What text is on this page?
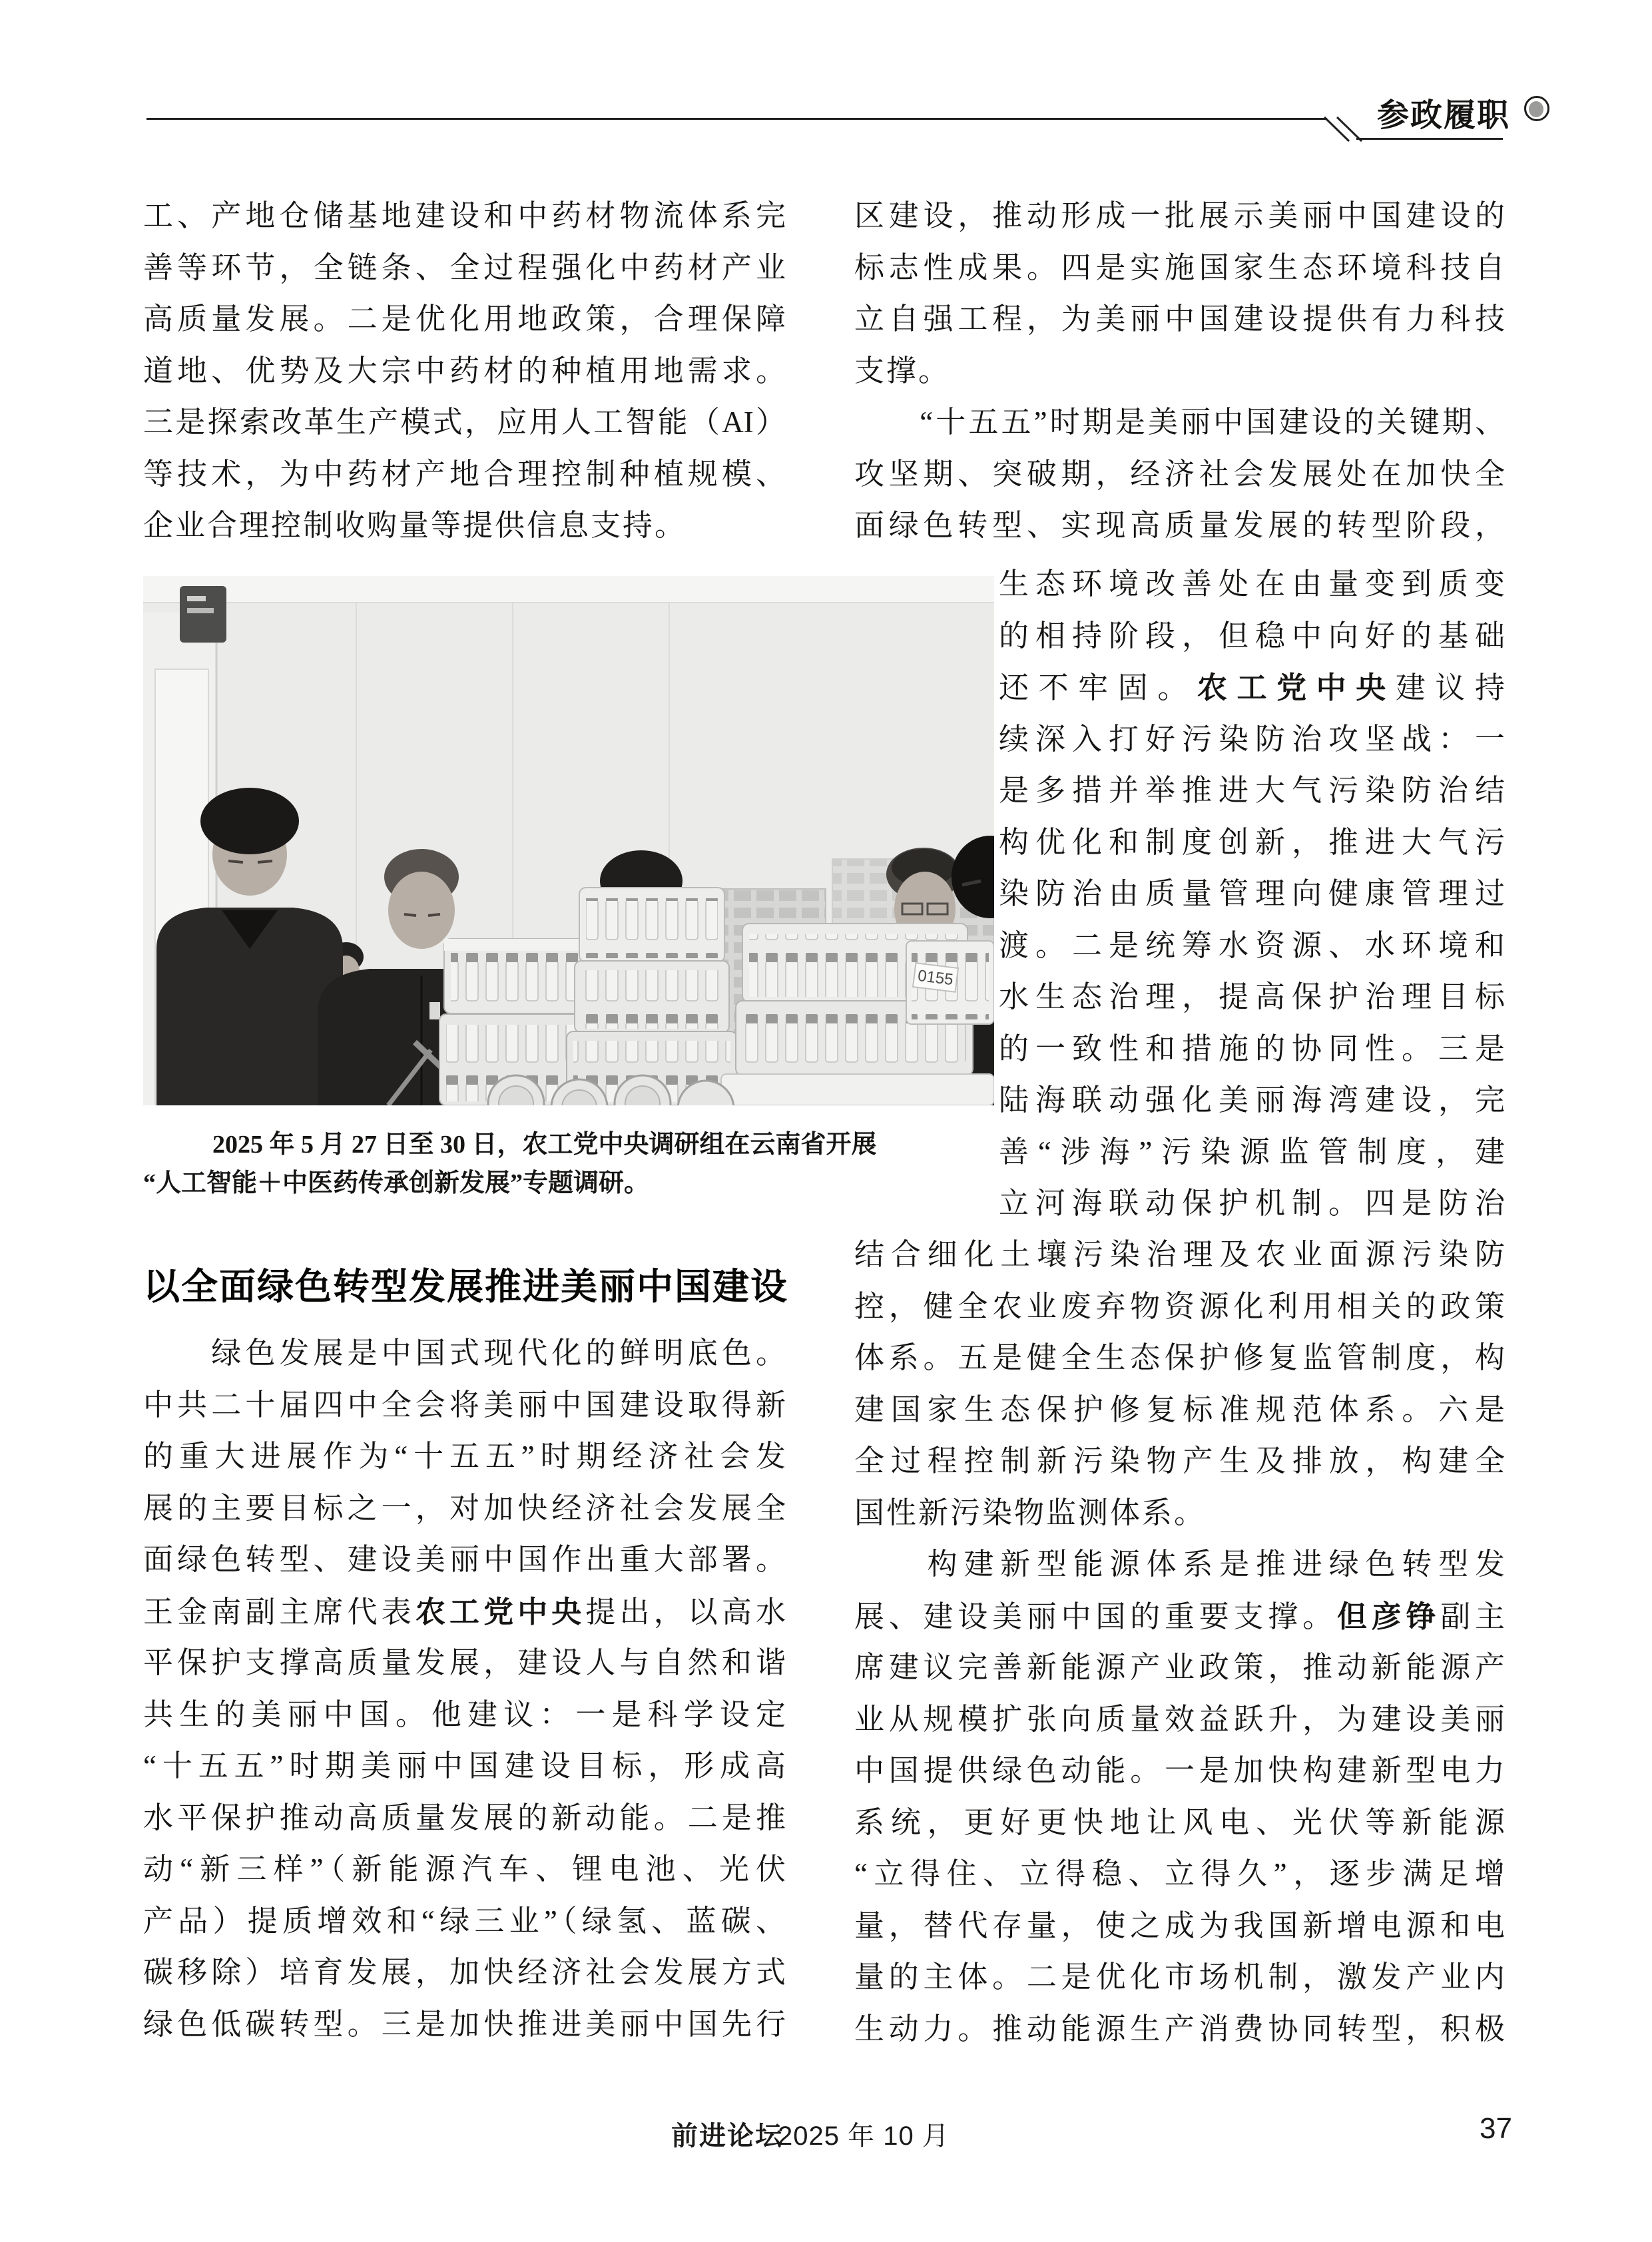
参政履职
工、产地仓储基地建设和中药材物流体系完
善等环节，全链条、全过程强化中药材产业
高质量发展。二是优化用地政策，合理保障
道地、优势及大宗中药材的种植用地需求。
三是探索改革生产模式，应用人工智能（AI）
等技术，为中药材产地合理控制种植规模、
企业合理控制收购量等提供信息支持。
0155
2025 年 5 月 27 日至 30 日，农工党中央调研组在云南省开展
“人工智能＋中医药传承创新发展”专题调研。
以全面绿色转型发展推进美丽中国建设
　　绿色发展是中国式现代化的鲜明底色。
中共二十届四中全会将美丽中国建设取得新
的重大进展作为“十五五”时期经济社会发
展的主要目标之一，对加快经济社会发展全
面绿色转型、建设美丽中国作出重大部署。
王金南副主席代表农工党中央提出，以高水
平保护支撑高质量发展，建设人与自然和谐
共生的美丽中国。他建议：一是科学设定
“十五五”时期美丽中国建设目标，形成高
水平保护推动高质量发展的新动能。二是推
动“新三样”（新能源汽车、锂电池、光伏
产品）提质增效和“绿三业”（绿氢、蓝碳、
碳移除）培育发展，加快经济社会发展方式
绿色低碳转型。三是加快推进美丽中国先行
区建设，推动形成一批展示美丽中国建设的
标志性成果。四是实施国家生态环境科技自
立自强工程，为美丽中国建设提供有力科技
支撑。
　　“十五五”时期是美丽中国建设的关键期、
攻坚期、突破期，经济社会发展处在加快全
面绿色转型、实现高质量发展的转型阶段，
生态环境改善处在由量变到质变
的相持阶段，但稳中向好的基础
还不牢固。农工党中央建议持
续深入打好污染防治攻坚战：一
是多措并举推进大气污染防治结
构优化和制度创新，推进大气污
染防治由质量管理向健康管理过
渡。二是统筹水资源、水环境和
水生态治理，提高保护治理目标
的一致性和措施的协同性。三是
陆海联动强化美丽海湾建设，完
善“涉海”污染源监管制度，建
立河海联动保护机制。四是防治
结合细化土壤污染治理及农业面源污染防
控，健全农业废弃物资源化利用相关的政策
体系。五是健全生态保护修复监管制度，构
建国家生态保护修复标准规范体系。六是
全过程控制新污染物产生及排放，构建全
国性新污染物监测体系。
　　构建新型能源体系是推进绿色转型发
展、建设美丽中国的重要支撑。但彦铮副主
席建议完善新能源产业政策，推动新能源产
业从规模扩张向质量效益跃升，为建设美丽
中国提供绿色动能。一是加快构建新型电力
系统，更好更快地让风电、光伏等新能源
“立得住、立得稳、立得久”，逐步满足增
量，替代存量，使之成为我国新增电源和电
量的主体。二是优化市场机制，激发产业内
生动力。推动能源生产消费协同转型，积极
前进论坛
2025 年 10 月	37
